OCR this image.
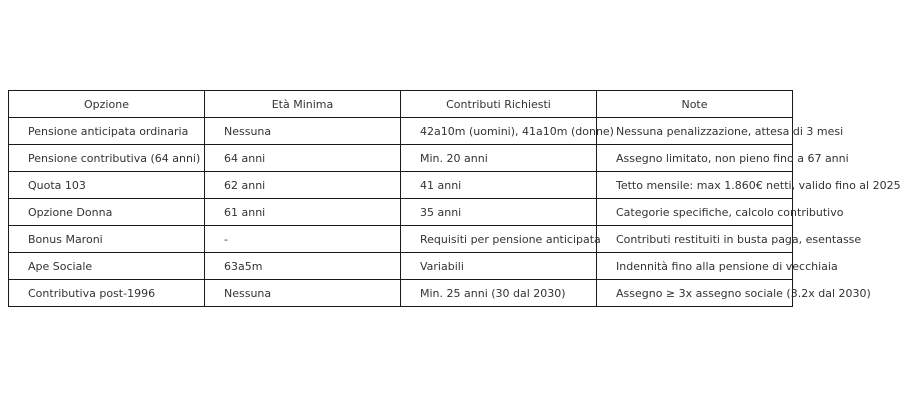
Opzione	Età Minima	Contributi Richiesti	Note
Pensione anticipata ordinaria	Nessuna	42a10m (uomini), 41a10m (donne)	Nessuna penalizzazione, attesa di 3 mesi
Pensione contributiva (64 anni)	64 anni	Min. 20 anni	Assegno limitato, non pieno fino a 67 anni
Quota 103	62 anni	41 anni	Tetto mensile: max 1.860€ netti, valido fino al 2025
Opzione Donna	61 anni	35 anni	Categorie specifiche, calcolo contributivo
Bonus Maroni	-	Requisiti per pensione anticipata	Contributi restituiti in busta paga, esentasse
Ape Sociale	63a5m	Variabili	Indennità fino alla pensione di vecchiaia
Contributiva post-1996	Nessuna	Min. 25 anni (30 dal 2030)	Assegno ≥ 3x assegno sociale (3.2x dal 2030)
